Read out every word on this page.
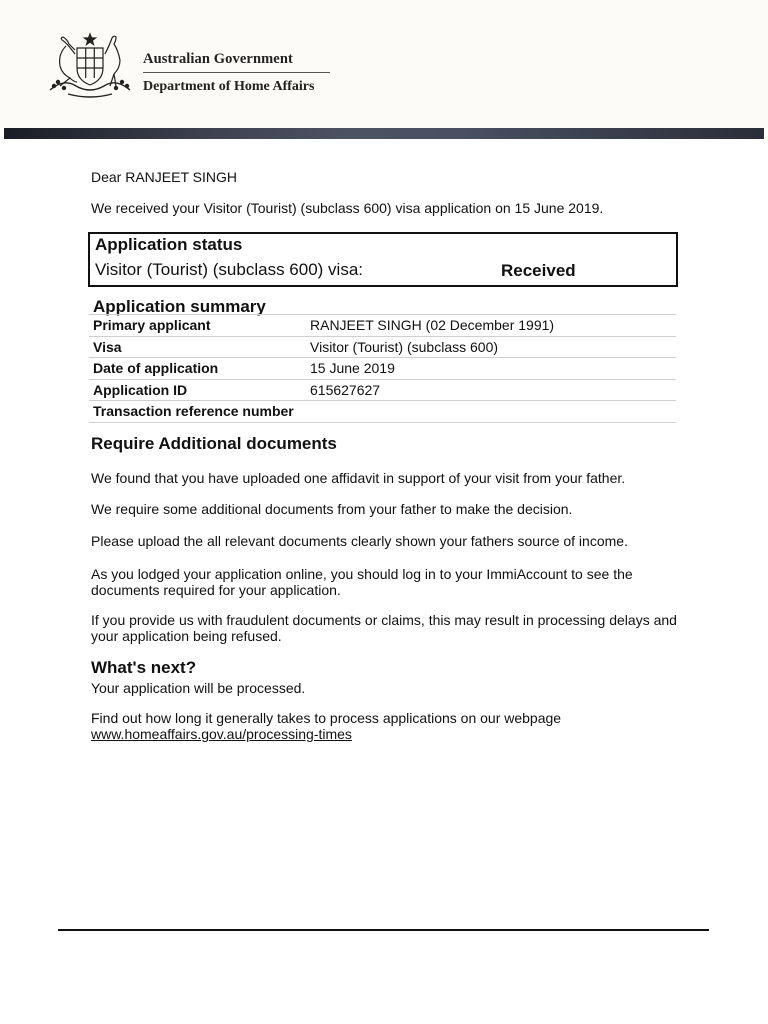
Australian Government
Department of Home Affairs
Dear RANJEET SINGH
We received your Visitor (Tourist) (subclass 600) visa application on 15 June 2019.
Application status
Visitor (Tourist) (subclass 600) visa:	Received
Application summary
Primary applicant	RANJEET SINGH (02 December 1991)
Visa	Visitor (Tourist) (subclass 600)
Date of application	15 June 2019
Application ID	615627627
Transaction reference number	
Require Additional documents
We found that you have uploaded one affidavit in support of your visit from your father.
We require some additional documents from your father to make the decision.
Please upload the all relevant documents clearly shown your fathers source of income.
As you lodged your application online, you should log in to your ImmiAccount to see the documents required for your application.
If you provide us with fraudulent documents or claims, this may result in processing delays and your application being refused.
What's next?
Your application will be processed.
Find out how long it generally takes to process applications on our webpage
www.homeaffairs.gov.au/processing-times
